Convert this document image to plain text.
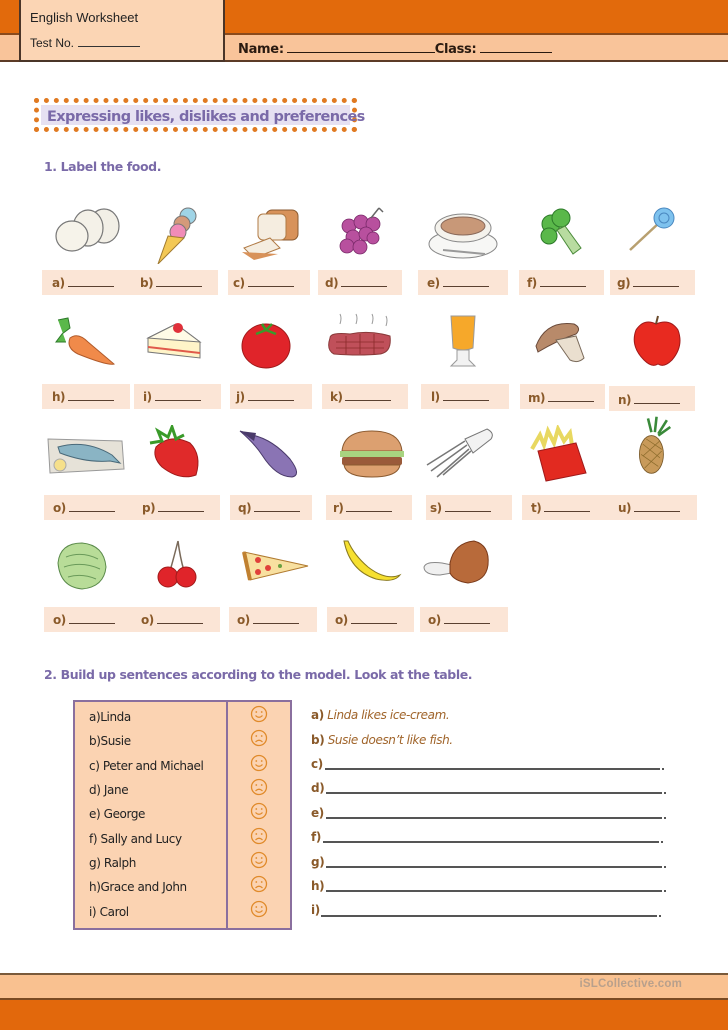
English Worksheet
Test No.	Name:	Class:
Expressing likes, dislikes and preferences
1. Label the food.
a)	b)	c)	d)	e)	f)	g)
h)	i)	j)	k)	l)	m)	n)
o)	p)	q)	r)	s)	t)	u)
o)	o)	o)	o)	o)
2. Build up sentences according to the model. Look at the table.
a)Linda
b)Susie
c) Peter and Michael
d) Jane
e) George
f) Sally and Lucy
g) Ralph
h)Grace and John
i) Carol
a) Linda likes ice-cream.
b) Susie doesn’t like fish.
c)
d)
e)
f)
g)
h)
i)
iSLCollective.com
